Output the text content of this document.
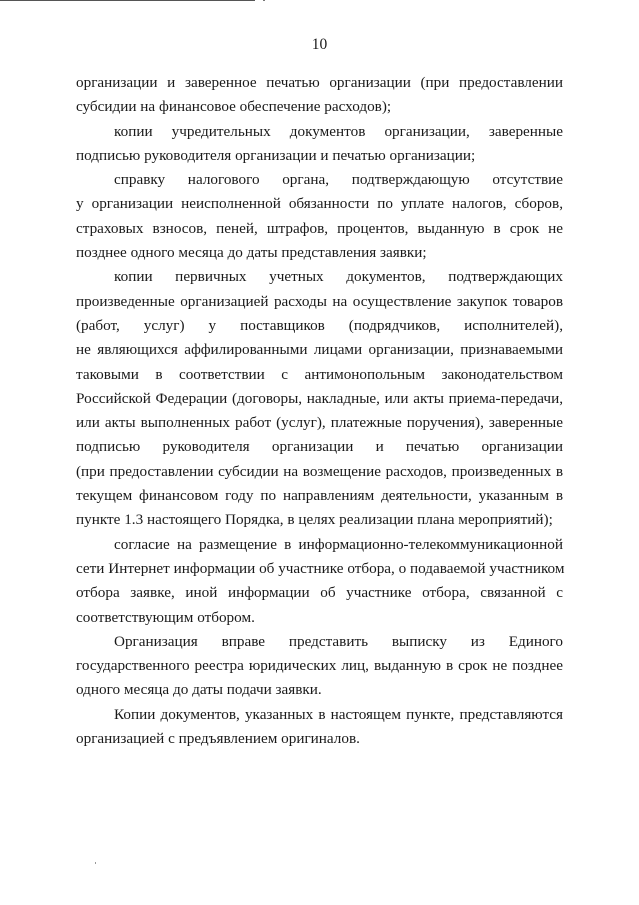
10
организации и заверенное печатью организации (при предоставлении
субсидии на финансовое обеспечение расходов);
копии учредительных документов организации, заверенные
подписью руководителя организации и печатью организации;
справку налогового органа, подтверждающую отсутствие
у организации неисполненной обязанности по уплате налогов, сборов,
страховых взносов, пеней, штрафов, процентов, выданную в срок не
позднее одного месяца до даты представления заявки;
копии первичных учетных документов, подтверждающих
произведенные организацией расходы на осуществление закупок товаров
(работ, услуг) у поставщиков (подрядчиков, исполнителей),
не являющихся аффилированными лицами организации, признаваемыми
таковыми в соответствии с антимонопольным законодательством
Российской Федерации (договоры, накладные, или акты приема-передачи,
или акты выполненных работ (услуг), платежные поручения), заверенные
подписью руководителя организации и печатью организации
(при предоставлении субсидии на возмещение расходов, произведенных в
текущем финансовом году по направлениям деятельности, указанным в
пункте 1.3 настоящего Порядка, в целях реализации плана мероприятий);
согласие на размещение в информационно-телекоммуникационной
сети Интернет информации об участнике отбора, о подаваемой участником
отбора заявке, иной информации об участнике отбора, связанной с
соответствующим отбором.
Организация вправе представить выписку из Единого
государственного реестра юридических лиц, выданную в срок не позднее
одного месяца до даты подачи заявки.
Копии документов, указанных в настоящем пункте, представляются
организацией с предъявлением оригиналов.
